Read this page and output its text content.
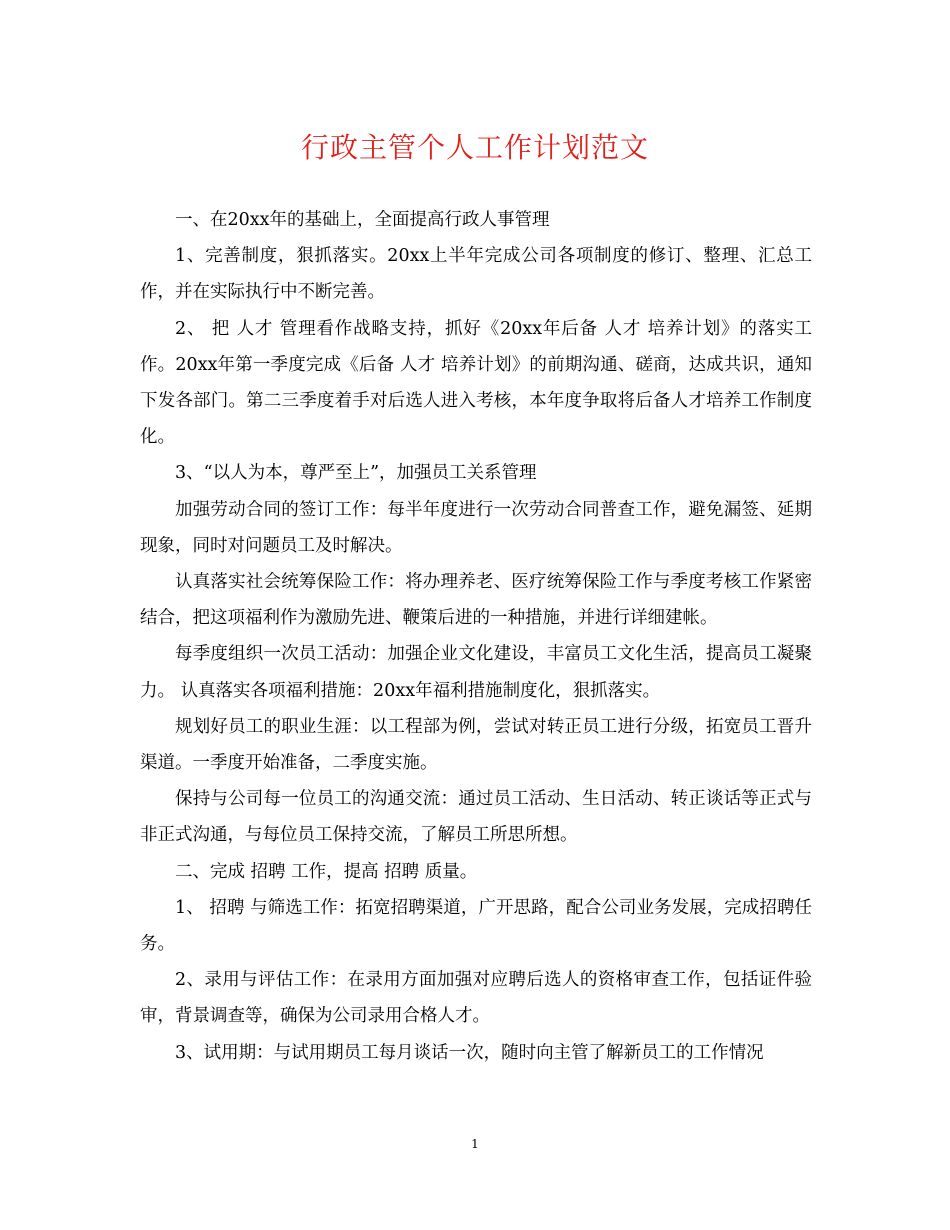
行政主管个人工作计划范文

一、在20xx年的基础上，全面提高行政人事管理

1、完善制度，狠抓落实。20xx上半年完成公司各项制度的修订、整理、汇总工作，并在实际执行中不断完善。

2、 把 人才 管理看作战略支持，抓好《20xx年后备 人才 培养计划》的落实工作。20xx年第一季度完成《后备 人才 培养计划》的前期沟通、磋商，达成共识，通知下发各部门。第二三季度着手对后选人进入考核，本年度争取将后备人才培养工作制度化。

3、“以人为本，尊严至上”，加强员工关系管理

加强劳动合同的签订工作：每半年度进行一次劳动合同普查工作，避免漏签、延期现象，同时对问题员工及时解决。

认真落实社会统筹保险工作：将办理养老、医疗统筹保险工作与季度考核工作紧密结合，把这项福利作为激励先进、鞭策后进的一种措施，并进行详细建帐。

每季度组织一次员工活动：加强企业文化建设，丰富员工文化生活，提高员工凝聚力。 认真落实各项福利措施：20xx年福利措施制度化，狠抓落实。

规划好员工的职业生涯：以工程部为例，尝试对转正员工进行分级，拓宽员工晋升渠道。一季度开始准备，二季度实施。

保持与公司每一位员工的沟通交流：通过员工活动、生日活动、转正谈话等正式与非正式沟通，与每位员工保持交流，了解员工所思所想。

二、完成 招聘 工作，提高 招聘 质量。

1、 招聘 与筛选工作：拓宽招聘渠道，广开思路，配合公司业务发展，完成招聘任务。

2、录用与评估工作：在录用方面加强对应聘后选人的资格审查工作，包括证件验审，背景调查等，确保为公司录用合格人才。

3、试用期：与试用期员工每月谈话一次，随时向主管了解新员工的工作情况

1
